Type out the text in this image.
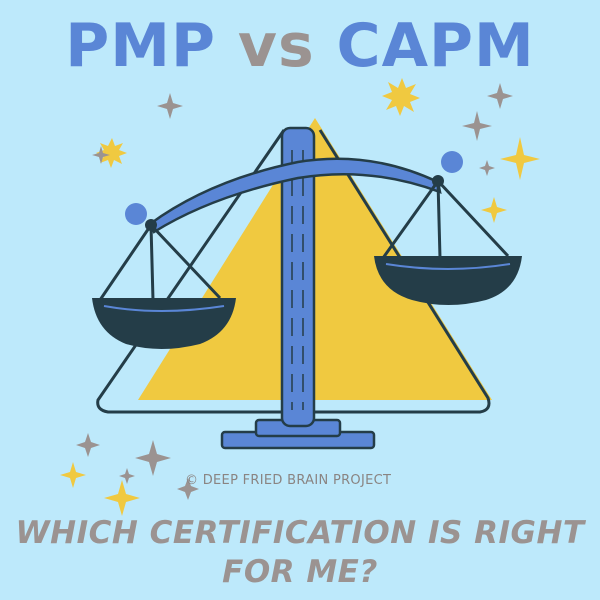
PMP vs CAPM
© DEEP FRIED BRAIN PROJECT
WHICH CERTIFICATION IS RIGHT
FOR ME?
